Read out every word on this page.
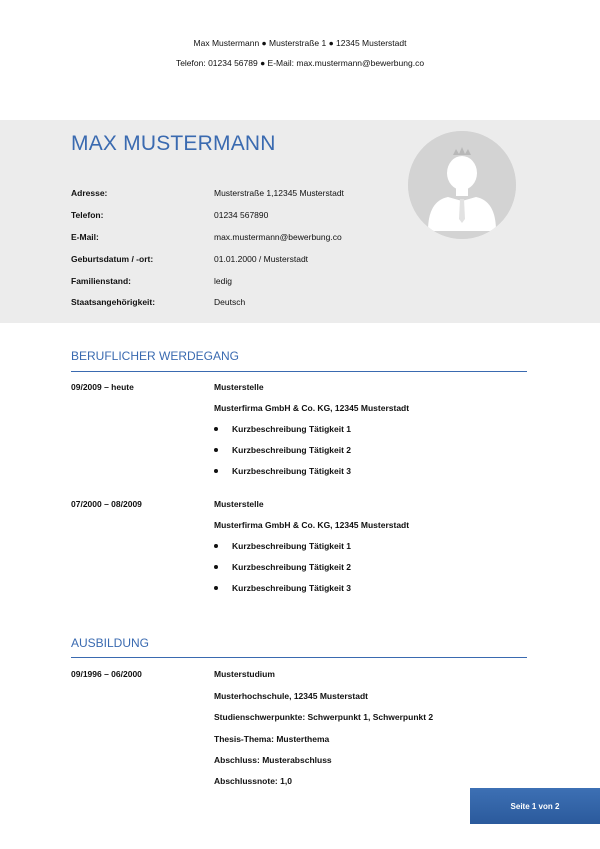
Max Mustermann ● Musterstraße 1 ● 12345 Musterstadt
Telefon: 01234 56789 ● E-Mail: max.mustermann@bewerbung.co
MAX MUSTERMANN
Adresse:	Musterstraße 1,12345 Musterstadt
Telefon:	01234 567890
E-Mail:	max.mustermann@bewerbung.co
Geburtsdatum / -ort:	01.01.2000 / Musterstadt
Familienstand:	ledig
Staatsangehörigkeit:	Deutsch
BERUFLICHER WERDEGANG
09/2009 – heute	Musterstelle
Musterfirma GmbH & Co. KG, 12345 Musterstadt
Kurzbeschreibung Tätigkeit 1
Kurzbeschreibung Tätigkeit 2
Kurzbeschreibung Tätigkeit 3
07/2000 – 08/2009	Musterstelle
Musterfirma GmbH & Co. KG, 12345 Musterstadt
Kurzbeschreibung Tätigkeit 1
Kurzbeschreibung Tätigkeit 2
Kurzbeschreibung Tätigkeit 3
AUSBILDUNG
09/1996 – 06/2000	Musterstudium
Musterhochschule, 12345 Musterstadt
Studienschwerpunkte: Schwerpunkt 1, Schwerpunkt 2
Thesis-Thema: Musterthema
Abschluss: Musterabschluss
Abschlussnote: 1,0
Seite 1 von 2
